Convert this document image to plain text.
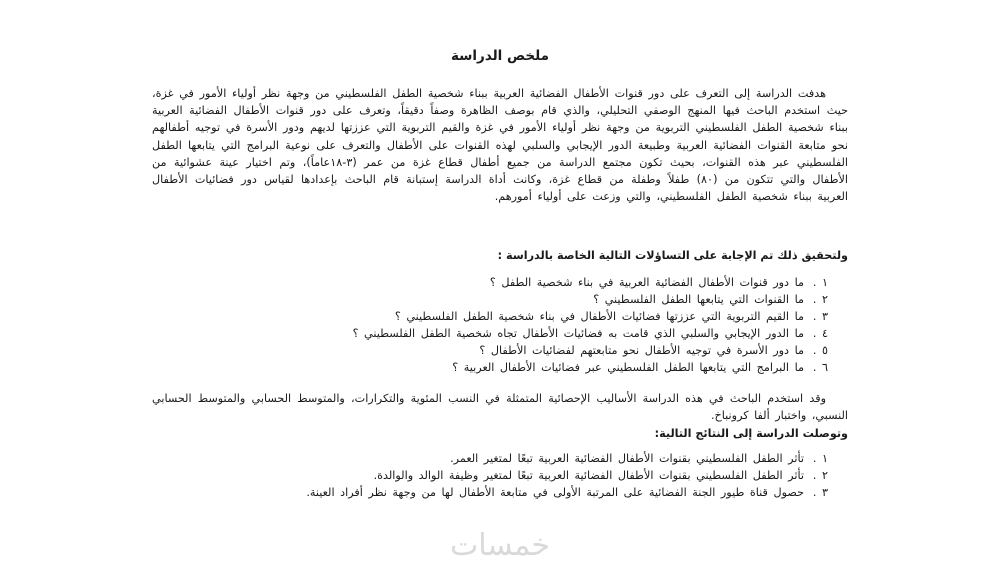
ملخص الدراسة

هدفت الدراسة إلى التعرف على دور قنوات الأطفال الفضائية العربية ببناء شخصية الطفل الفلسطيني من وجهة نظر أولياء الأمور في غزة، حيث استخدم الباحث فيها المنهج الوصفي التحليلي، والذي قام بوصف الظاهرة وصفاً دقيقاً، وتعرف على دور قنوات الأطفال الفضائية العربية ببناء شخصية الطفل الفلسطيني التربوية من وجهة نظر أولياء الأمور في غزة والقيم التربوية التي عززتها لديهم ودور الأسرة في توجيه أطفالهم نحو متابعة القنوات الفضائية العربية وطبيعة الدور الإيجابي والسلبي لهذه القنوات على الأطفال والتعرف على نوعية البرامج التي يتابعها الطفل الفلسطيني عبر هذه القنوات، بحيث تكون مجتمع الدراسة من جميع أطفال قطاع غزة من عمر (٣-١٨عاماً)، وتم اختيار عينة عشوائية من الأطفال والتي تتكون من (٨٠) طفلاً وطفلة من قطاع غزة، وكانت أداة الدراسة إستبانة قام الباحث بإعدادها لقياس دور فضائيات الأطفال العربية ببناء شخصية الطفل الفلسطيني، والتي وزعت على أولياء أمورهم.

ولتحقيق ذلك تم الإجابة على التساؤلات التالية الخاصة بالدراسة :
١ .
ما دور قنوات الأطفال الفضائية العربية في بناء شخصية الطفل ؟
٢ .
ما القنوات التي يتابعها الطفل الفلسطيني ؟
٣ .
ما القيم التربوية التي عززتها فضائيات الأطفال في بناء شخصية الطفل الفلسطيني ؟
٤ .
ما الدور الإيجابي والسلبي الذي قامت به فضائيات الأطفال تجاه شخصية الطفل الفلسطيني ؟
٥ .
ما دور الأسرة في توجيه الأطفال نحو متابعتهم لفضائيات الأطفال ؟
٦ .
ما البرامج التي يتابعها الطفل الفلسطيني عبر فضائيات الأطفال العربية ؟

وقد استخدم الباحث في هذه الدراسة الأساليب الإحصائية المتمثلة في النسب المئوية والتكرارات، والمتوسط الحسابي والمتوسط الحسابي النسبي، واختبار ألفا كرونباخ.

وتوصلت الدراسة إلى النتائج التالية:
١ .
تأثر الطفل الفلسطيني بقنوات الأطفال الفضائية العربية تبعًا لمتغير العمر.
٢ .
تأثر الطفل الفلسطيني بقنوات الأطفال الفضائية العربية تبعًا لمتغير وظيفة الوالد والوالدة.
٣ .
حصول قناة طيور الجنة الفضائية على المرتبة الأولى في متابعة الأطفال لها من وجهة نظر أفراد العينة.
خمسات
